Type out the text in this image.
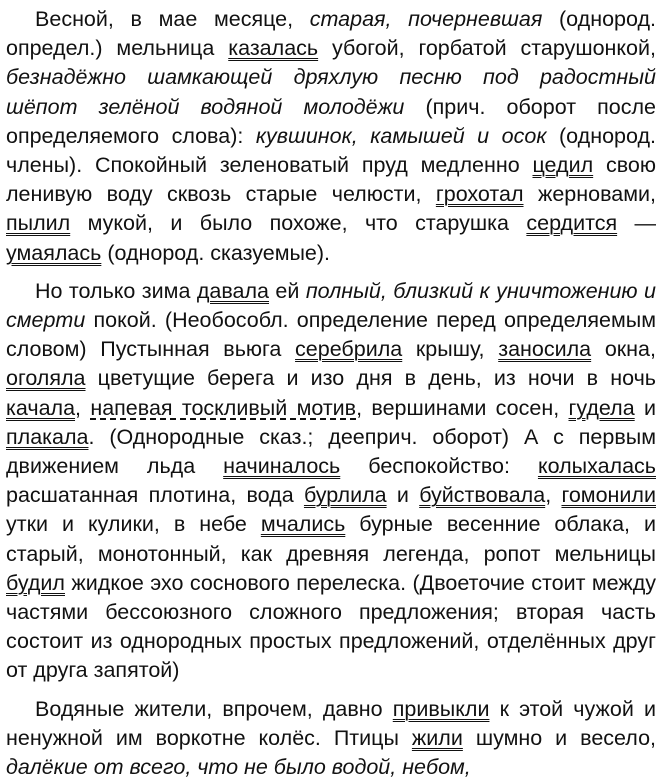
Весной, в мае месяце, старая, почерневшая (однород. определ.) мельница казалась убогой, горбатой старушонкой, безнадёжно шамкающей дряхлую песню под радостный шёпот зелёной водяной молодёжи (прич. оборот после определяемого слова): кувшинок, камышей и осок (однород. члены). Спокойный зеленоватый пруд медленно цедил свою ленивую воду сквозь старые челюсти, грохотал жерновами, пылил мукой, и было похоже, что старушка сердится — умаялась (однород. сказуемые).

Но только зима давала ей полный, близкий к уничтожению и смерти покой. (Необособл. определение перед определяемым словом) Пустынная вьюга серебрила крышу, заносила окна, оголяла цветущие берега и изо дня в день, из ночи в ночь качала, напевая тоскливый мотив, вершинами сосен, гудела и плакала. (Однородные сказ.; дееприч. оборот) А с первым движением льда начиналось беспокойство: колыхалась расшатанная плотина, вода бурлила и буйствовала, гомонили утки и кулики, в небе мчались бурные весенние облака, и старый, монотонный, как древняя легенда, ропот мельницы будил жидкое эхо соснового перелеска. (Двоеточие стоит между частями бессоюзного сложного предложения; вторая часть состоит из однородных простых предложений, отделённых друг от друга запятой)

Водяные жители, впрочем, давно привыкли к этой чужой и ненужной им воркотне колёс. Птицы жили шумно и весело, далёкие от всего, что не было водой, небом,
